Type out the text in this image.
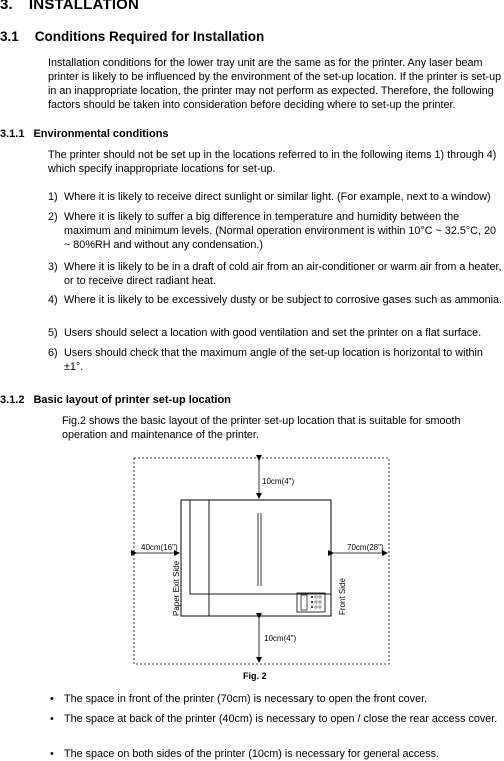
3. INSTALLATION
3.1 Conditions Required for Installation

Installation conditions for the lower tray unit are the same as for the printer. Any laser beam printer is likely to be influenced by the environment of the set-up location. If the printer is set-up in an inappropriate location, the printer may not perform as expected. Therefore, the following factors should be taken into consideration before deciding where to set-up the printer.

3.1.1 Environmental conditions

The printer should not be set up in the locations referred to in the following items 1) through 4) which specify inappropriate locations for set-up.

1) Where it is likely to receive direct sunlight or similar light. (For example, next to a window)
2) Where it is likely to suffer a big difference in temperature and humidity between the maximum and minimum levels. (Normal operation environment is within 10°C ~ 32.5°C, 20 ~ 80%RH and without any condensation.)
3) Where it is likely to be in a draft of cold air from an air-conditioner or warm air from a heater, or to receive direct radiant heat.
4) Where it is likely to be excessively dusty or be subject to corrosive gases such as ammonia.
5) Users should select a location with good ventilation and set the printer on a flat surface.
6) Users should check that the maximum angle of the set-up location is horizontal to within ±1°.
3.1.2 Basic layout of printer set-up location

Fig.2 shows the basic layout of the printer set-up location that is suitable for smooth operation and maintenance of the printer.

10cm(4")
10cm(4")
40cm(16")	70cm(28")
Paper Exit Side	Front Side
Fig. 2
• The space in front of the printer (70cm) is necessary to open the front cover.
• The space at back of the printer (40cm) is necessary to open / close the rear access cover.
• The space on both sides of the printer (10cm) is necessary for general access.
